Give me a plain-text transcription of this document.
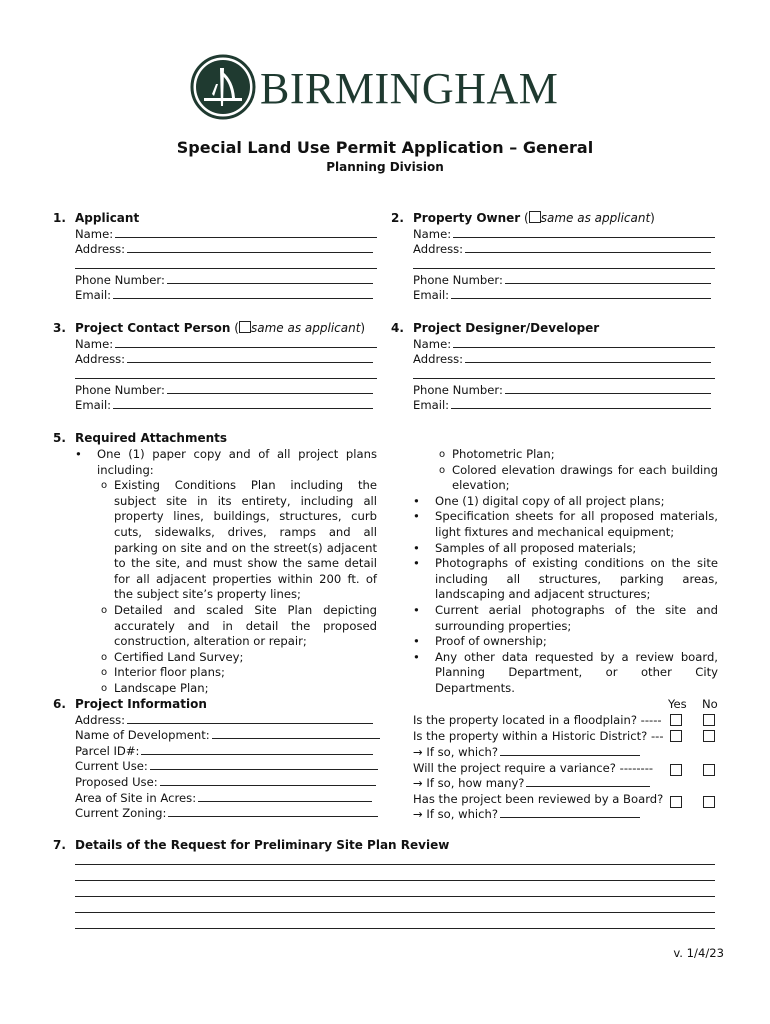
BIRMINGHAM
Special Land Use Permit Application – General
Planning Division
1. Applicant
Name:
Address:
Phone Number:
Email:
2. Property Owner ( same as applicant)
Name:
Address:
Phone Number:
Email:
3. Project Contact Person ( same as applicant)
Name:
Address:
Phone Number:
Email:
4. Project Designer/Developer
Name:
Address:
Phone Number:
Email:
5. Required Attachments
• One (1) paper copy and of all project plans including:
o Existing Conditions Plan including the subject site in its entirety, including all property lines, buildings, structures, curb cuts, sidewalks, drives, ramps and all parking on site and on the street(s) adjacent to the site, and must show the same detail for all adjacent properties within 200 ft. of the subject site’s property lines;
o Detailed and scaled Site Plan depicting accurately and in detail the proposed construction, alteration or repair;
o Certified Land Survey;
o Interior floor plans;
o Landscape Plan;
o Photometric Plan;
o Colored elevation drawings for each building elevation;
• One (1) digital copy of all project plans;
• Specification sheets for all proposed materials, light fixtures and mechanical equipment;
• Samples of all proposed materials;
• Photographs of existing conditions on the site including all structures, parking areas, landscaping and adjacent structures;
• Current aerial photographs of the site and surrounding properties;
• Proof of ownership;
• Any other data requested by a review board, Planning Department, or other City Departments.
6. Project Information
Address:
Name of Development:
Parcel ID#:
Current Use:
Proposed Use:
Area of Site in Acres:
Current Zoning:
Yes No
Is the property located in a floodplain? -----
Is the property within a Historic District? ---
→ If so, which?
Will the project require a variance? --------
→ If so, how many?
Has the project been reviewed by a Board?
→ If so, which?
7. Details of the Request for Preliminary Site Plan Review
v. 1/4/23
